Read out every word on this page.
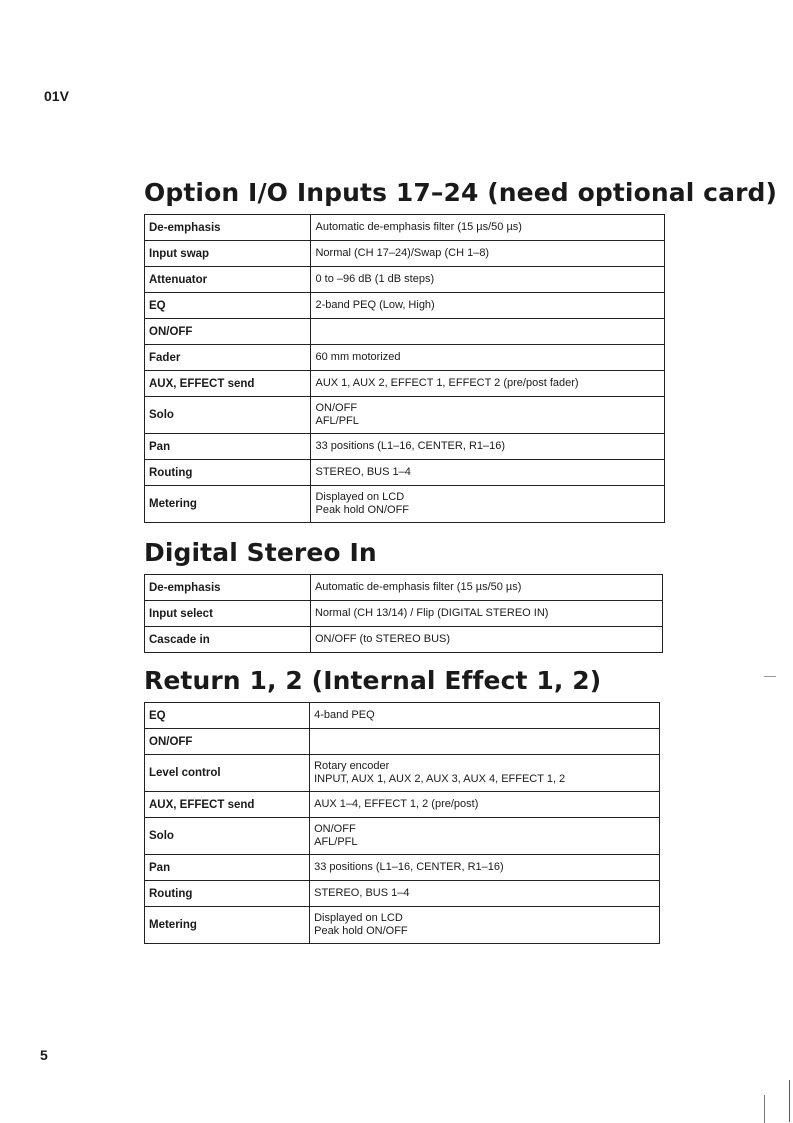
01V
Option I/O Inputs 17–24 (need optional card)
De-emphasis	Automatic de-emphasis filter (15 µs/50 µs)

Input swap	Normal (CH 17–24)/Swap (CH 1–8)

Attenuator	0 to –96 dB (1 dB steps)

EQ	2-band PEQ (Low, High)

ON/OFF	

Fader	60 mm motorized

AUX, EFFECT send	AUX 1, AUX 2, EFFECT 1, EFFECT 2 (pre/post fader)

Solo	ON/OFF
AFL/PFL

Pan	33 positions (L1–16, CENTER, R1–16)

Routing	STEREO, BUS 1–4

Metering	Displayed on LCD
Peak hold ON/OFF
Digital Stereo In
De-emphasis	Automatic de-emphasis filter (15 µs/50 µs)

Input select	Normal (CH 13/14) / Flip (DIGITAL STEREO IN)

Cascade in	ON/OFF (to STEREO BUS)
Return 1, 2 (Internal Effect 1, 2)
EQ	4-band PEQ

ON/OFF	

Level control	Rotary encoder
INPUT, AUX 1, AUX 2, AUX 3, AUX 4, EFFECT 1, 2

AUX, EFFECT send	AUX 1–4, EFFECT 1, 2 (pre/post)

Solo	ON/OFF
AFL/PFL

Pan	33 positions (L1–16, CENTER, R1–16)

Routing	STEREO, BUS 1–4

Metering	Displayed on LCD
Peak hold ON/OFF
5
